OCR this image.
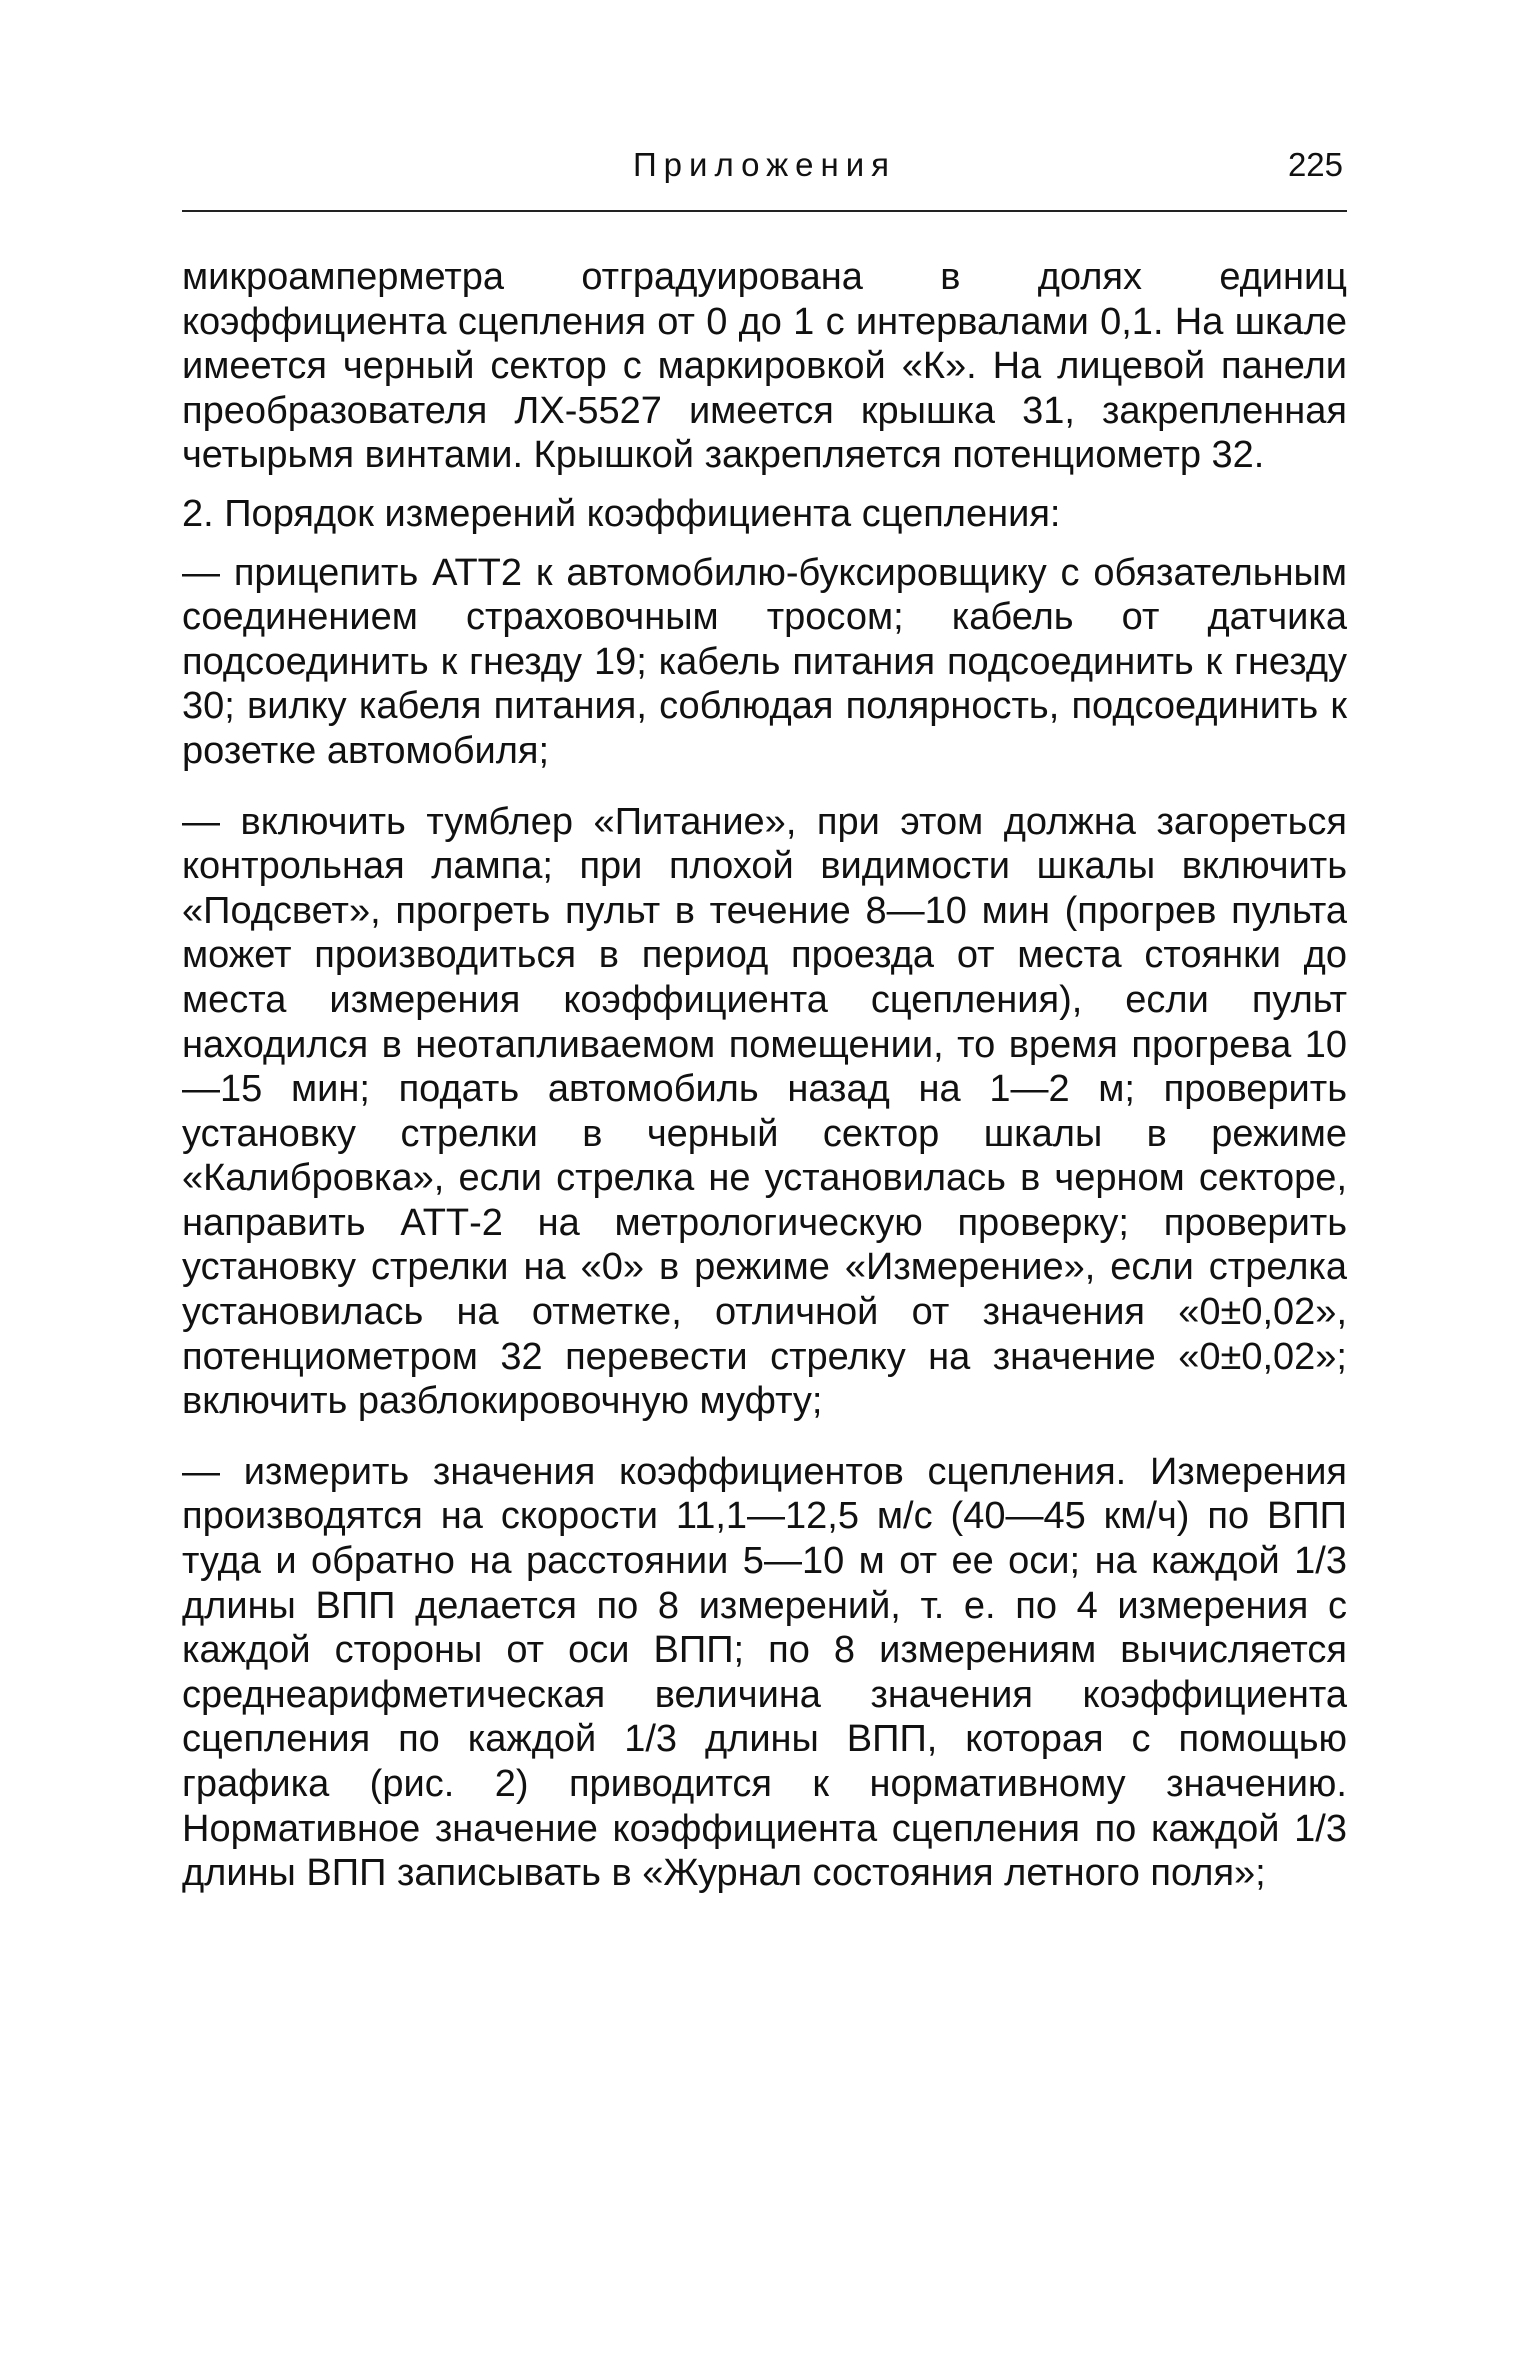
Приложения	225

микроамперметра отградуирована в долях единиц коэффициента сцепления от 0 до 1 с интервалами 0,1. На шкале имеется черный сектор с маркировкой «К». На лицевой панели преобразователя ЛХ-5527 имеется крышка 31, закрепленная четырьмя винтами. Крышкой закрепляется потенциометр 32.

2. Порядок измерений коэффициента сцепления:

— прицепить АТТ2 к автомобилю-буксировщику с обязательным соединением страховочным тросом; кабель от датчика подсоединить к гнезду 19; кабель питания подсоединить к гнезду 30; вилку кабеля питания, соблюдая полярность, подсоединить к розетке автомобиля;

— включить тумблер «Питание», при этом должна загореться контрольная лампа; при плохой видимости шкалы включить «Подсвет», прогреть пульт в течение 8—10 мин (прогрев пульта может производиться в период проезда от места стоянки до места измерения коэффициента сцепления), если пульт находился в неотапливаемом помещении, то время прогрева 10—15 мин; подать автомобиль назад на 1—2 м; проверить установку стрелки в черный сектор шкалы в режиме «Калибровка», если стрелка не установилась в черном секторе, направить АТТ-2 на метрологическую проверку; проверить установку стрелки на «0» в режиме «Измерение», если стрелка установилась на отметке, отличной от значения «0±0,02», потенциометром 32 перевести стрелку на значение «0±0,02»; включить разблокировочную муфту;

— измерить значения коэффициентов сцепления. Измерения производятся на скорости 11,1—12,5 м/с (40—45 км/ч) по ВПП туда и обратно на расстоянии 5—10 м от ее оси; на каждой 1/3 длины ВПП делается по 8 измерений, т. е. по 4 измерения с каждой стороны от оси ВПП; по 8 измерениям вычисляется среднеарифметическая величина значения коэффициента сцепления по каждой 1/3 длины ВПП, которая с помощью графика (рис. 2) приводится к нормативному значению. Нормативное значение коэффициента сцепления по каждой 1/3 длины ВПП записывать в «Журнал состояния летного поля»;
